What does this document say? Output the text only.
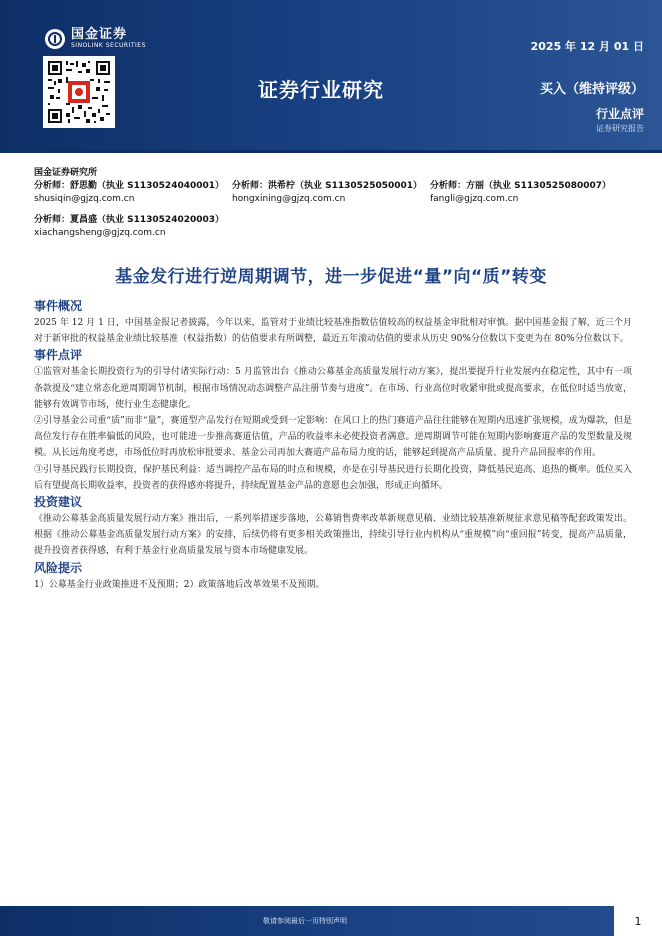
国金证券
SINOLINK SECURITIES	2025 年 12 月 01 日
证券行业研究	买入（维持评级）
行业点评
证券研究报告
国金证券研究所
分析师：舒思勤（执业 S1130524040001）
shusiqin@gjzq.com.cn
分析师：洪希柠（执业 S1130525050001）
hongxining@gjzq.com.cn
分析师：方丽（执业 S1130525080007）
fangli@gjzq.com.cn
分析师：夏昌盛（执业 S1130524020003）
xiachangsheng@gjzq.com.cn
基金发行进行逆周期调节，进一步促进“量”向“质”转变
事件概况
2025 年 12 月 1 日，中国基金报记者披露，今年以来，监管对于业绩比较基准指数估值较高的权益基金审批相对审慎。据中国基金报了解，近三个月对于新审批的权益基金业绩比较基准（权益指数）的估值要求有所调整，最近五年滚动估值的要求从历史 90%分位数以下变更为在 80%分位数以下。
事件点评
①监管对基金长期投资行为的引导付诸实际行动：5 月监管出台《推动公募基金高质量发展行动方案》，提出要提升行业发展内在稳定性，其中有一项条款提及“建立常态化逆周期调节机制，根据市场情况动态调整产品注册节奏与进度”。在市场、行业高位时收紧审批或提高要求，在低位时适当放宽，能够有效调节市场，使行业生态健康化。
②引导基金公司重“质”而非“量”，赛道型产品发行在短期或受到一定影响：在风口上的热门赛道产品往往能够在短期内迅速扩张规模，成为爆款，但是高位发行存在胜率偏低的风险，也可能进一步推高赛道估值，产品的收益率未必使投资者满意。逆周期调节可能在短期内影响赛道产品的发型数量及规模。从长远角度考虑，市场低位时再放松审批要求、基金公司再加大赛道产品布局力度的话，能够起到提高产品质量、提升产品回报率的作用。
③引导基民践行长期投资，保护基民利益：适当调控产品布局的时点和规模，亦是在引导基民进行长期化投资，降低基民追高、追热的概率。低位买入后有望提高长期收益率，投资者的获得感亦将提升，持续配置基金产品的意愿也会加强，形成正向循环。
投资建议
《推动公募基金高质量发展行动方案》推出后，一系列举措逐步落地，公募销售费率改革新规意见稿、业绩比较基准新规征求意见稿等配套政策发出。根据《推动公募基金高质量发展行动方案》的安排，后续仍将有更多相关政策推出，持续引导行业内机构从“重规模”向“重回报”转变，提高产品质量，提升投资者获得感，有利于基金行业高质量发展与资本市场健康发展。
风险提示
1）公募基金行业政策推进不及预期；2）政策落地后改革效果不及预期。
敬请参阅最后一页特别声明	1
